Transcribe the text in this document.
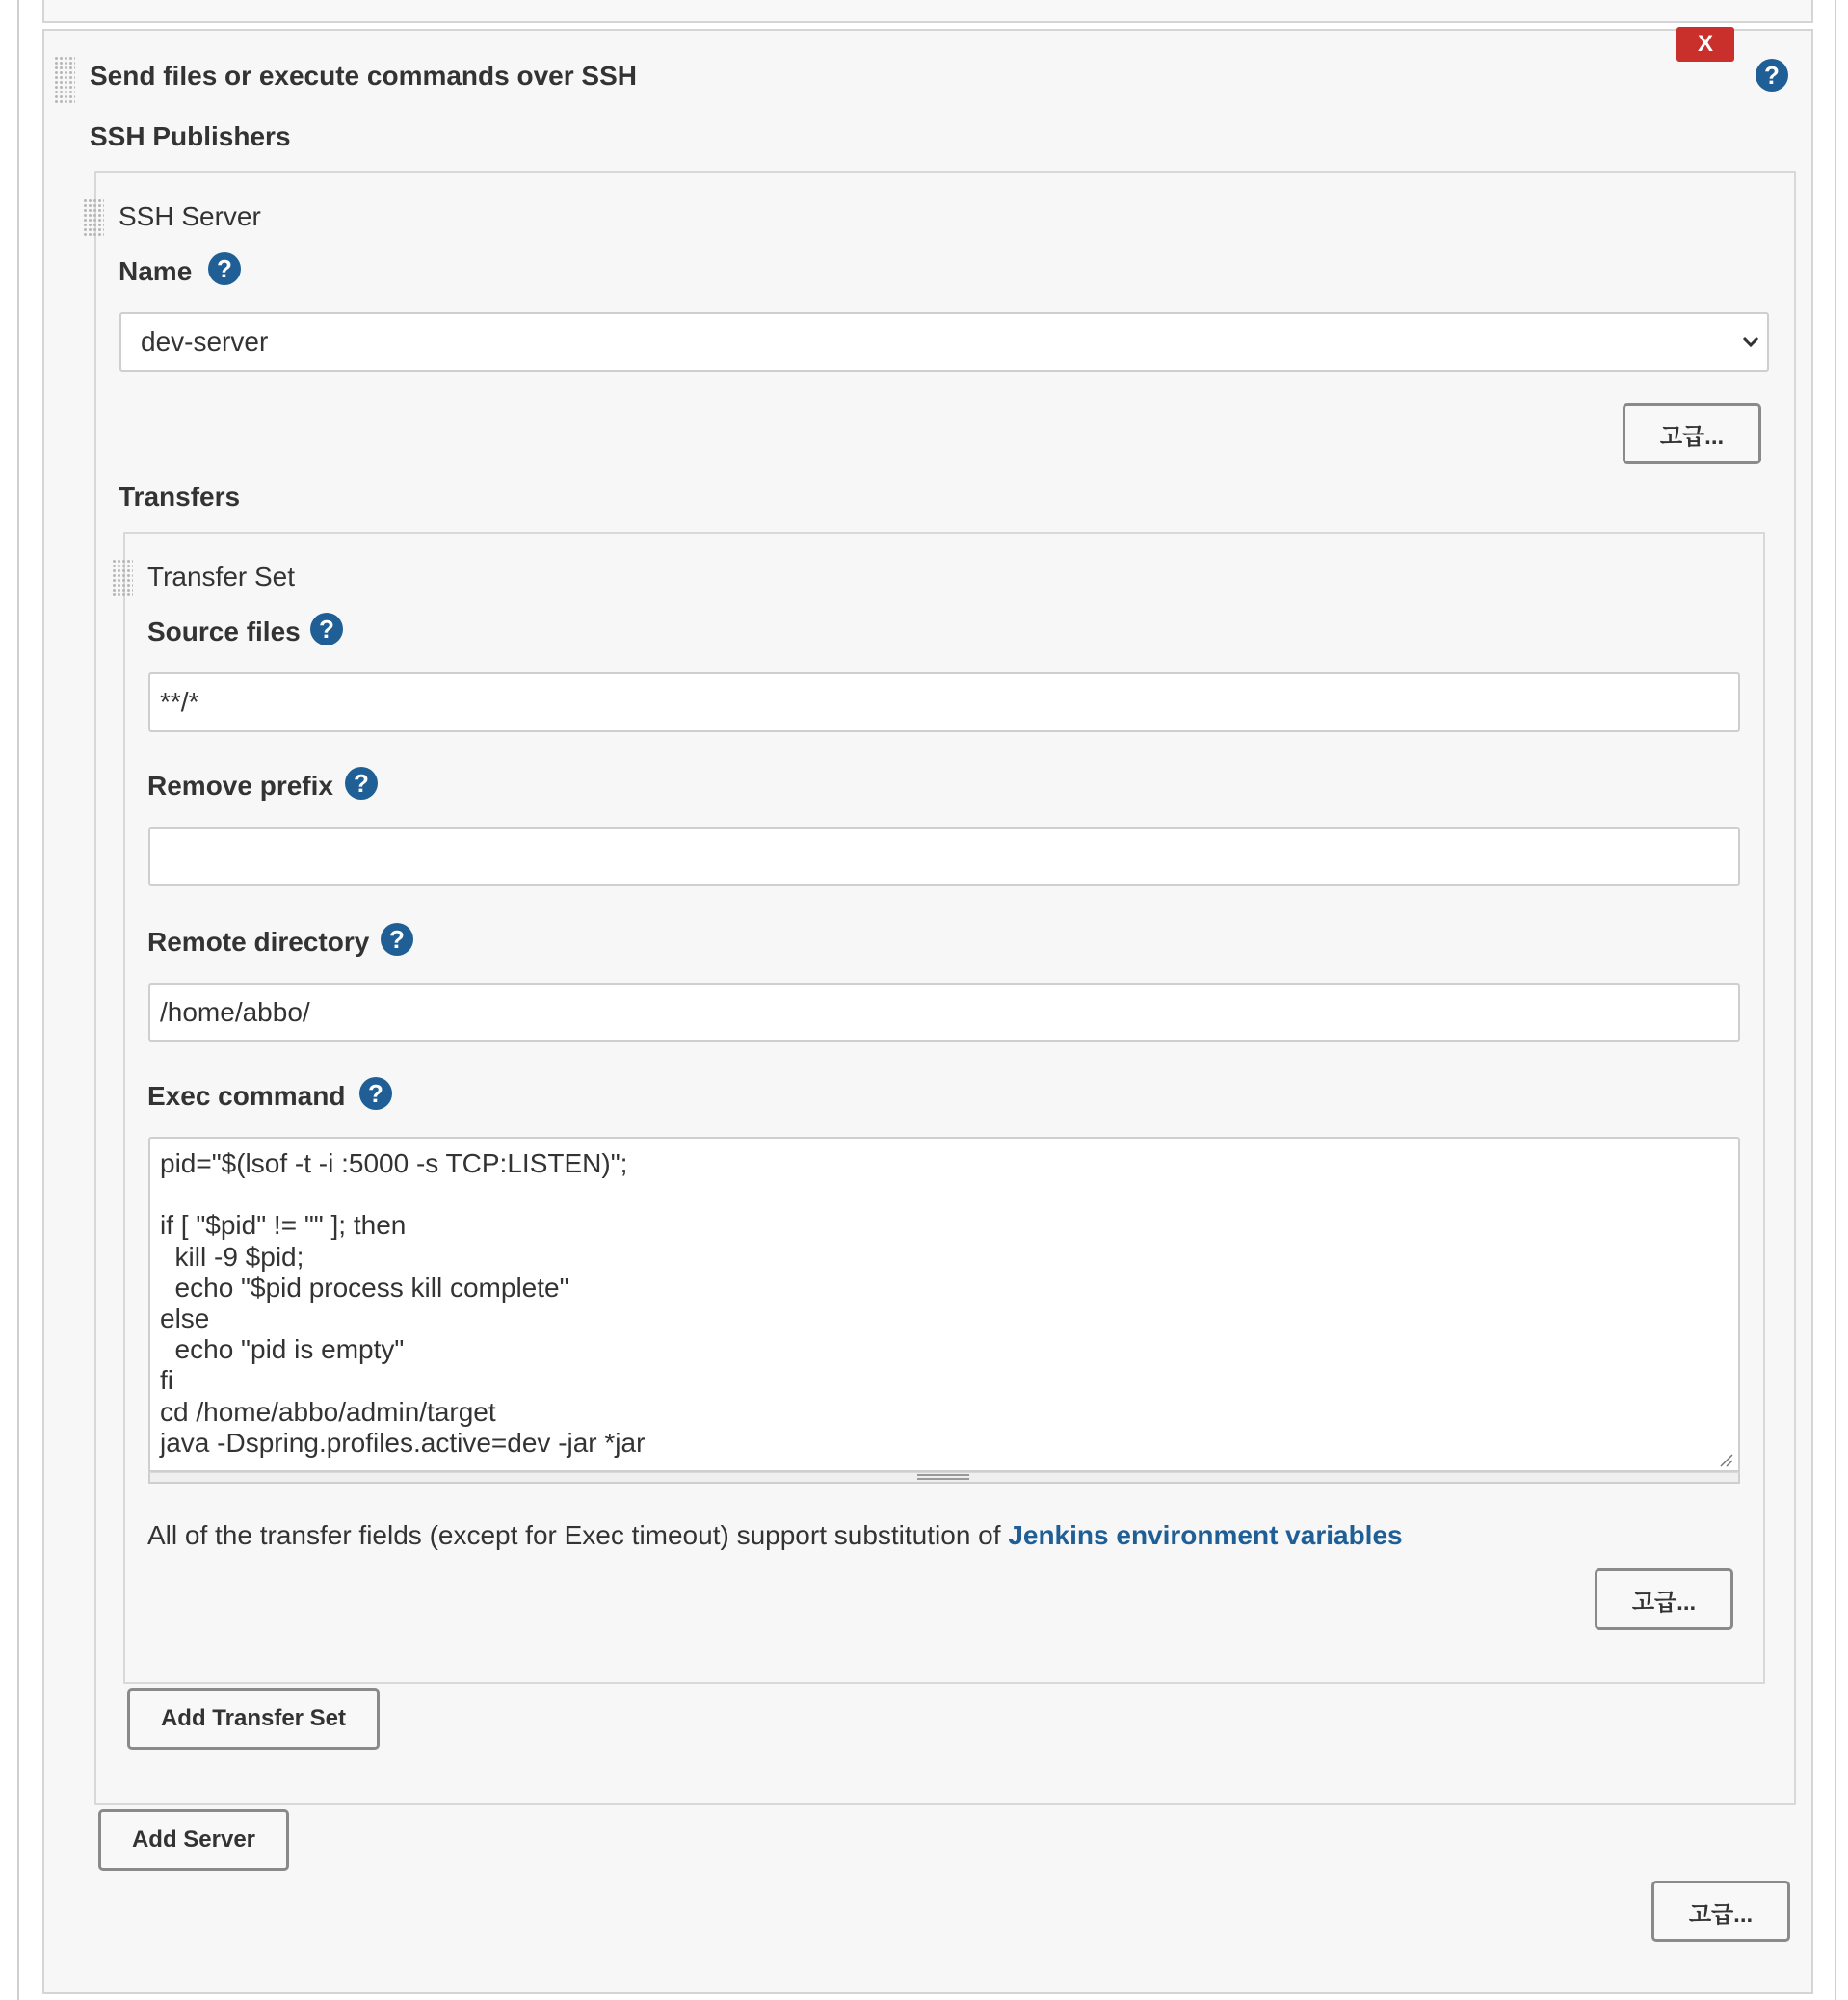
Send files or execute commands over SSH
X
?
SSH Publishers
SSH Server
Name ?
dev-server
고급...
Transfers
Transfer Set
Source files ?
**/*
Remove prefix ?
Remote directory ?
/home/abbo/
Exec command ?
pid="$(lsof -t -i :5000 -s TCP:LISTEN)";
if [ "$pid" != "" ]; then
kill -9 $pid;
echo "$pid process kill complete"
else
echo "pid is empty"
fi
cd /home/abbo/admin/target
java -Dspring.profiles.active=dev -jar *jar
All of the transfer fields (except for Exec timeout) support substitution of Jenkins environment variables
고급...
Add Transfer Set
Add Server
고급...
